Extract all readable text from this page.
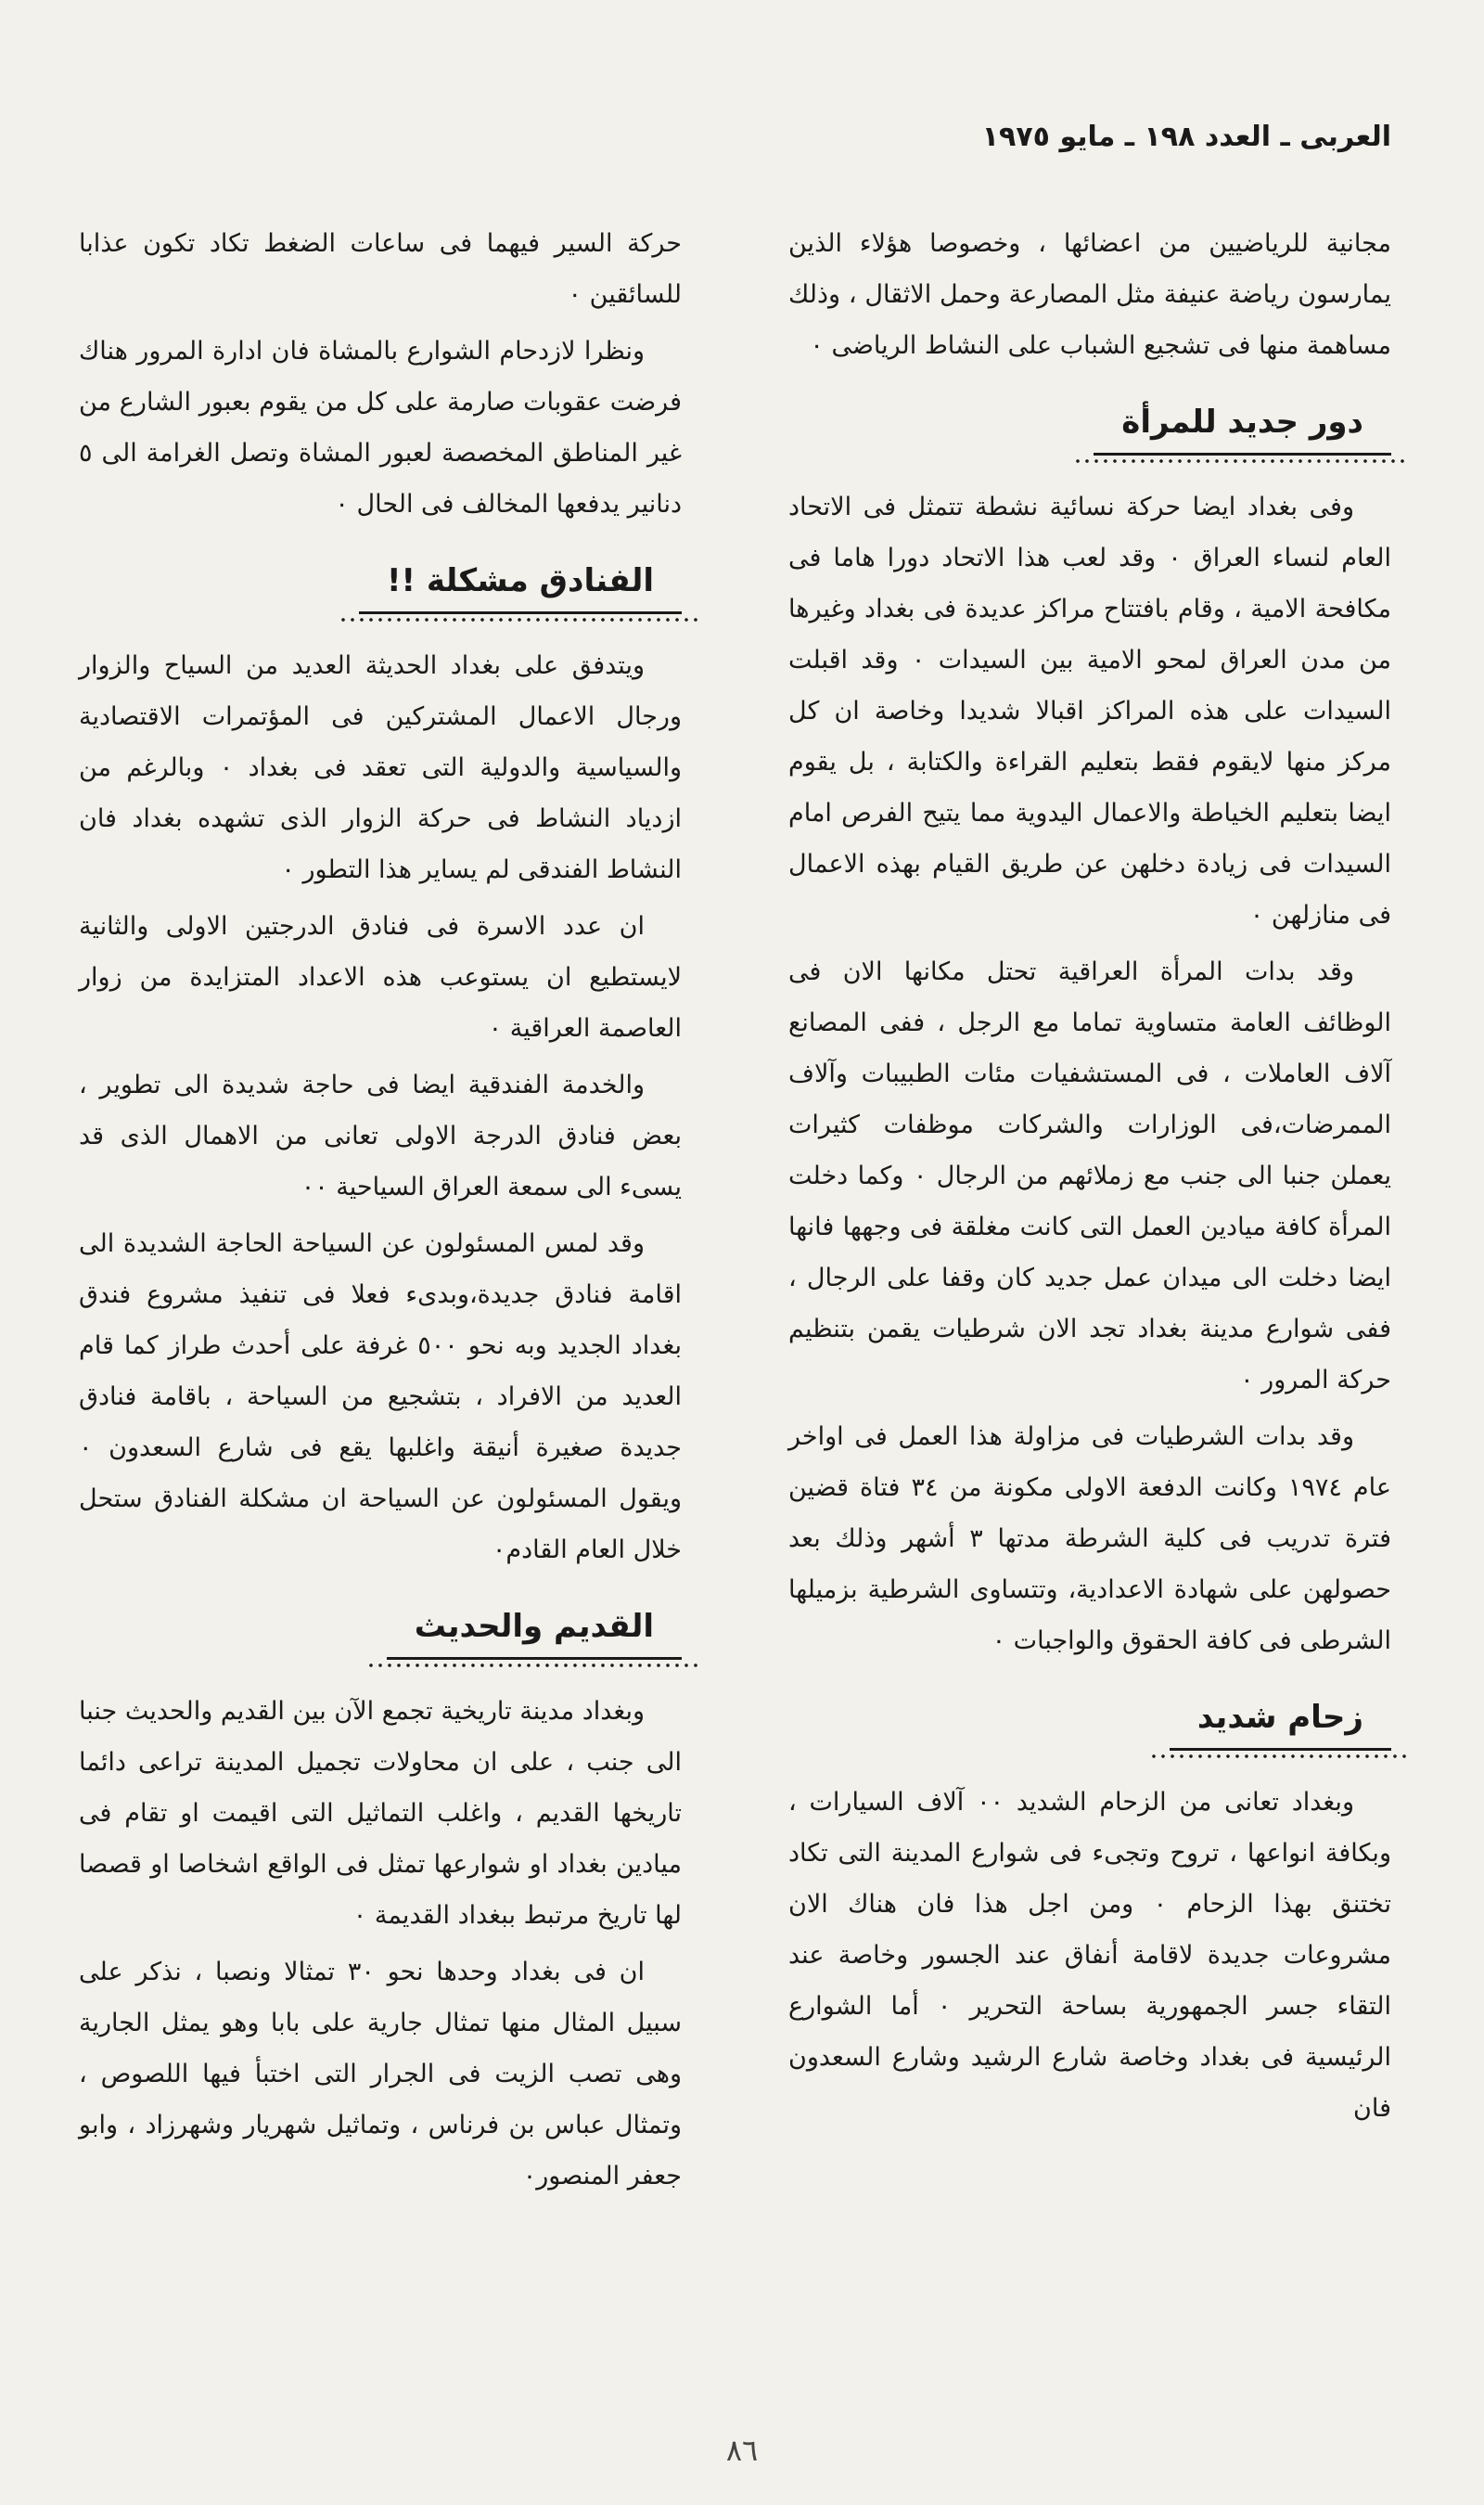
العربى ـ العدد ١٩٨ ـ مايو ١٩٧٥

مجانية للرياضيين من اعضائها ، وخصوصا هؤلاء الذين يمارسون رياضة عنيفة مثل المصارعة وحمل الاثقال ، وذلك مساهمة منها فى تشجيع الشباب على النشاط الرياضى ٠

دور جديد للمرأة

وفى بغداد ايضا حركة نسائية نشطة تتمثل فى الاتحاد العام لنساء العراق ٠ وقد لعب هذا الاتحاد دورا هاما فى مكافحة الامية ، وقام بافتتاح مراكز عديدة فى بغداد وغيرها من مدن العراق لمحو الامية بين السيدات ٠ وقد اقبلت السيدات على هذه المراكز اقبالا شديدا وخاصة ان كل مركز منها لايقوم فقط بتعليم القراءة والكتابة ، بل يقوم ايضا بتعليم الخياطة والاعمال اليدوية مما يتيح الفرص امام السيدات فى زيادة دخلهن عن طريق القيام بهذه الاعمال فى منازلهن ٠

وقد بدات المرأة العراقية تحتل مكانها الان فى الوظائف العامة متساوية تماما مع الرجل ، ففى المصانع آلاف العاملات ، فى المستشفيات مئات الطبيبات وآلاف الممرضات،فى الوزارات والشركات موظفات كثيرات يعملن جنبا الى جنب مع زملائهم من الرجال ٠ وكما دخلت المرأة كافة ميادين العمل التى كانت مغلقة فى وجهها فانها ايضا دخلت الى ميدان عمل جديد كان وقفا على الرجال ، ففى شوارع مدينة بغداد تجد الان شرطيات يقمن بتنظيم حركة المرور ٠

وقد بدات الشرطيات فى مزاولة هذا العمل فى اواخر عام ١٩٧٤ وكانت الدفعة الاولى مكونة من ٣٤ فتاة قضين فترة تدريب فى كلية الشرطة مدتها ٣ أشهر وذلك بعد حصولهن على شهادة الاعدادية، وتتساوى الشرطية بزميلها الشرطى فى كافة الحقوق والواجبات ٠

زحام شديد

وبغداد تعانى من الزحام الشديد ٠٠ آلاف السيارات ، وبكافة انواعها ، تروح وتجىء فى شوارع المدينة التى تكاد تختنق بهذا الزحام ٠ ومن اجل هذا فان هناك الان مشروعات جديدة لاقامة أنفاق عند الجسور وخاصة عند التقاء جسر الجمهورية بساحة التحرير ٠ أما الشوارع الرئيسية فى بغداد وخاصة شارع الرشيد وشارع السعدون فان

حركة السير فيهما فى ساعات الضغط تكاد تكون عذابا للسائقين ٠

ونظرا لازدحام الشوارع بالمشاة فان ادارة المرور هناك فرضت عقوبات صارمة على كل من يقوم بعبور الشارع من غير المناطق المخصصة لعبور المشاة وتصل الغرامة الى ٥ دنانير يدفعها المخالف فى الحال ٠

الفنادق مشكلة !!

ويتدفق على بغداد الحديثة العديد من السياح والزوار ورجال الاعمال المشتركين فى المؤتمرات الاقتصادية والسياسية والدولية التى تعقد فى بغداد ٠ وبالرغم من ازدياد النشاط فى حركة الزوار الذى تشهده بغداد فان النشاط الفندقى لم يساير هذا التطور ٠

ان عدد الاسرة فى فنادق الدرجتين الاولى والثانية لايستطيع ان يستوعب هذه الاعداد المتزايدة من زوار العاصمة العراقية ٠

والخدمة الفندقية ايضا فى حاجة شديدة الى تطوير ، بعض فنادق الدرجة الاولى تعانى من الاهمال الذى قد يسىء الى سمعة العراق السياحية ٠٠

وقد لمس المسئولون عن السياحة الحاجة الشديدة الى اقامة فنادق جديدة،وبدىء فعلا فى تنفيذ مشروع فندق بغداد الجديد وبه نحو ٥٠٠ غرفة على أحدث طراز كما قام العديد من الافراد ، بتشجيع من السياحة ، باقامة فنادق جديدة صغيرة أنيقة واغلبها يقع فى شارع السعدون ٠ ويقول المسئولون عن السياحة ان مشكلة الفنادق ستحل خلال العام القادم٠

القديم والحديث

وبغداد مدينة تاريخية تجمع الآن بين القديم والحديث جنبا الى جنب ، على ان محاولات تجميل المدينة تراعى دائما تاريخها القديم ، واغلب التماثيل التى اقيمت او تقام فى ميادين بغداد او شوارعها تمثل فى الواقع اشخاصا او قصصا لها تاريخ مرتبط ببغداد القديمة ٠

ان فى بغداد وحدها نحو ٣٠ تمثالا ونصبا ، نذكر على سبيل المثال منها تمثال جارية على بابا وهو يمثل الجارية وهى تصب الزيت فى الجرار التى اختبأ فيها اللصوص ، وتمثال عباس بن فرناس ، وتماثيل شهريار وشهرزاد ، وابو جعفر المنصور٠

٨٦
